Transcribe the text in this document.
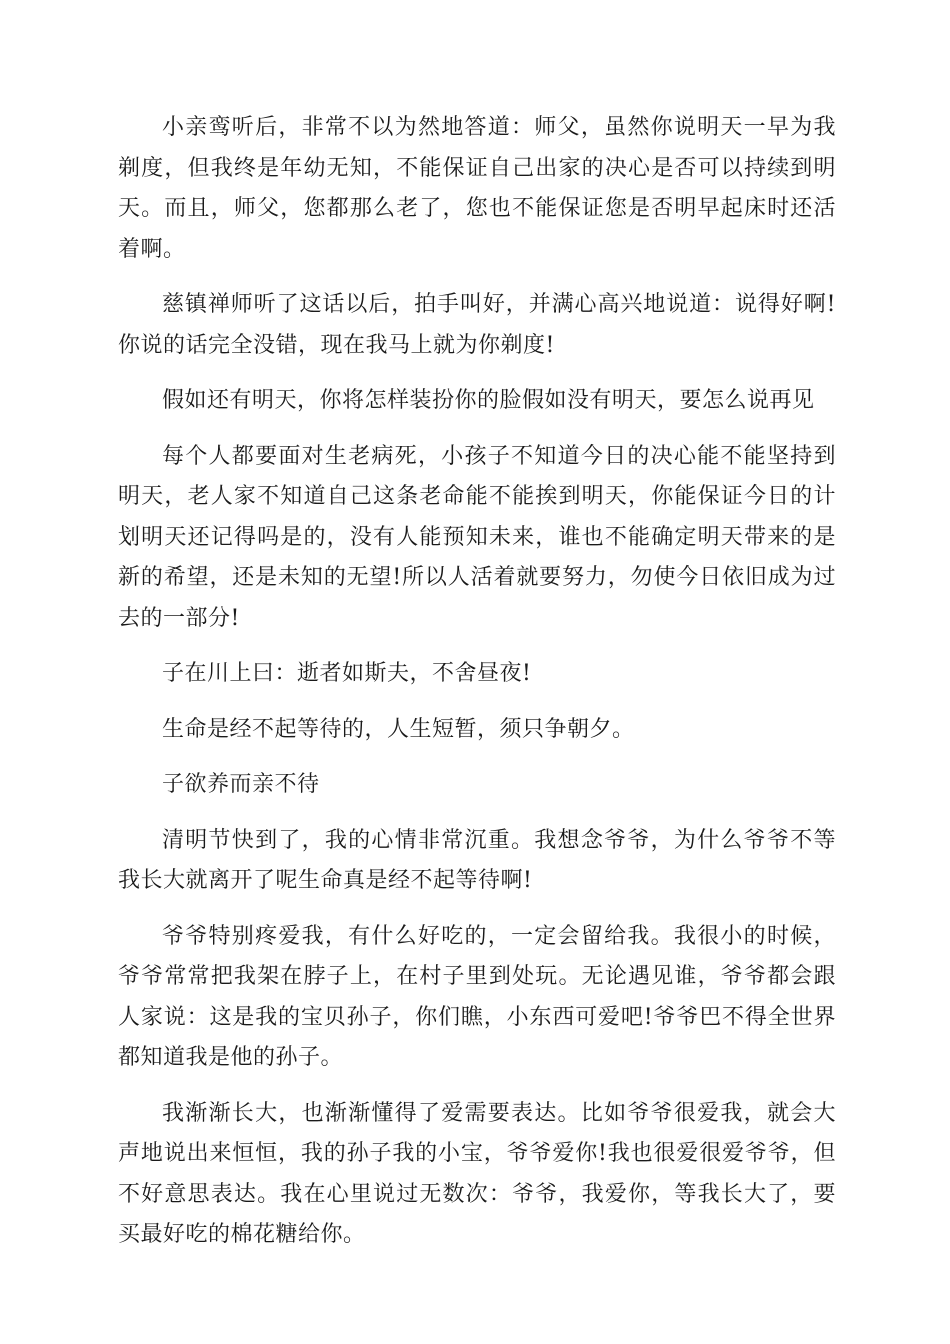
小亲鸾听后，非常不以为然地答道：师父，虽然你说明天一早为我剃度，但我终是年幼无知，不能保证自己出家的决心是否可以持续到明天。而且，师父，您都那么老了，您也不能保证您是否明早起床时还活着啊。

慈镇禅师听了这话以后，拍手叫好，并满心高兴地说道：说得好啊!你说的话完全没错，现在我马上就为你剃度!

假如还有明天，你将怎样装扮你的脸假如没有明天，要怎么说再见

每个人都要面对生老病死，小孩子不知道今日的决心能不能坚持到明天，老人家不知道自己这条老命能不能挨到明天，你能保证今日的计划明天还记得吗是的，没有人能预知未来，谁也不能确定明天带来的是新的希望，还是未知的无望!所以人活着就要努力，勿使今日依旧成为过去的一部分!

子在川上曰：逝者如斯夫，不舍昼夜!

生命是经不起等待的，人生短暂，须只争朝夕。

子欲养而亲不待

清明节快到了，我的心情非常沉重。我想念爷爷，为什么爷爷不等我长大就离开了呢生命真是经不起等待啊!

爷爷特别疼爱我，有什么好吃的，一定会留给我。我很小的时候，爷爷常常把我架在脖子上，在村子里到处玩。无论遇见谁，爷爷都会跟人家说：这是我的宝贝孙子，你们瞧，小东西可爱吧!爷爷巴不得全世界都知道我是他的孙子。

我渐渐长大，也渐渐懂得了爱需要表达。比如爷爷很爱我，就会大声地说出来恒恒，我的孙子我的小宝，爷爷爱你!我也很爱很爱爷爷，但不好意思表达。我在心里说过无数次：爷爷，我爱你，等我长大了，要买最好吃的棉花糖给你。
